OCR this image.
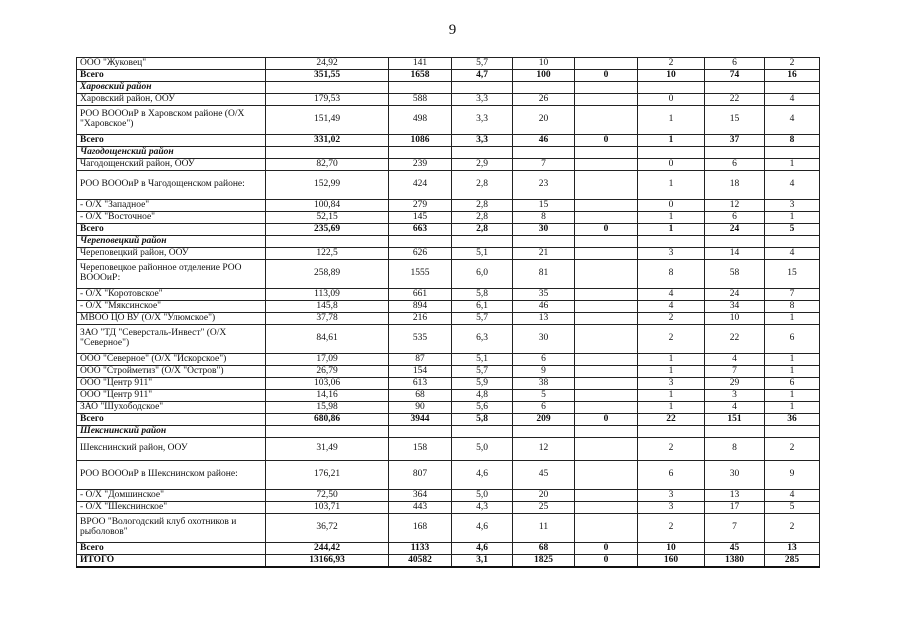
9
ООО "Жуковец"	24,92	141	5,7	10		2	6	2
Всего	351,55	1658	4,7	100	0	10	74	16
Харовский район								
Харовский район, ООУ	179,53	588	3,3	26		0	22	4
РОО ВОООиР в Харовском районе (О/Х "Харовское")	151,49	498	3,3	20		1	15	4
Всего	331,02	1086	3,3	46	0	1	37	8
Чагодощенский район								
Чагодощенский район, ООУ	82,70	239	2,9	7		0	6	1
РОО ВОООиР в Чагодощенском районе:	152,99	424	2,8	23		1	18	4
- О/Х "Западное"	100,84	279	2,8	15		0	12	3
- О/Х "Восточное"	52,15	145	2,8	8		1	6	1
Всего	235,69	663	2,8	30	0	1	24	5
Череповецкий район								
Череповецкий район, ООУ	122,5	626	5,1	21		3	14	4
Череповецкое районное отделение РОО ВОООиР:	258,89	1555	6,0	81		8	58	15
- О/Х "Коротовское"	113,09	661	5,8	35		4	24	7
- О/Х "Мяксинское"	145,8	894	6,1	46		4	34	8
МВОО ЦО ВУ (О/Х "Улюмское")	37,78	216	5,7	13		2	10	1
ЗАО "ТД "Северсталь-Инвест" (О/Х "Северное")	84,61	535	6,3	30		2	22	6
ООО "Северное" (О/Х "Искорское")	17,09	87	5,1	6		1	4	1
ООО "Стройметиз" (О/Х "Остров")	26,79	154	5,7	9		1	7	1
ООО "Центр 911"	103,06	613	5,9	38		3	29	6
ООО "Центр 911"	14,16	68	4,8	5		1	3	1
ЗАО "Шухободское"	15,98	90	5,6	6		1	4	1
Всего	680,86	3944	5,8	209	0	22	151	36
Шекснинский район								
Шекснинский район, ООУ	31,49	158	5,0	12		2	8	2
РОО ВОООиР в Шекснинском районе:	176,21	807	4,6	45		6	30	9
- О/Х "Домшинское"	72,50	364	5,0	20		3	13	4
- О/Х "Шекснинское"	103,71	443	4,3	25		3	17	5
ВРОО "Вологодский клуб охотников и рыболовов"	36,72	168	4,6	11		2	7	2
Всего	244,42	1133	4,6	68	0	10	45	13
ИТОГО	13166,93	40582	3,1	1825	0	160	1380	285
